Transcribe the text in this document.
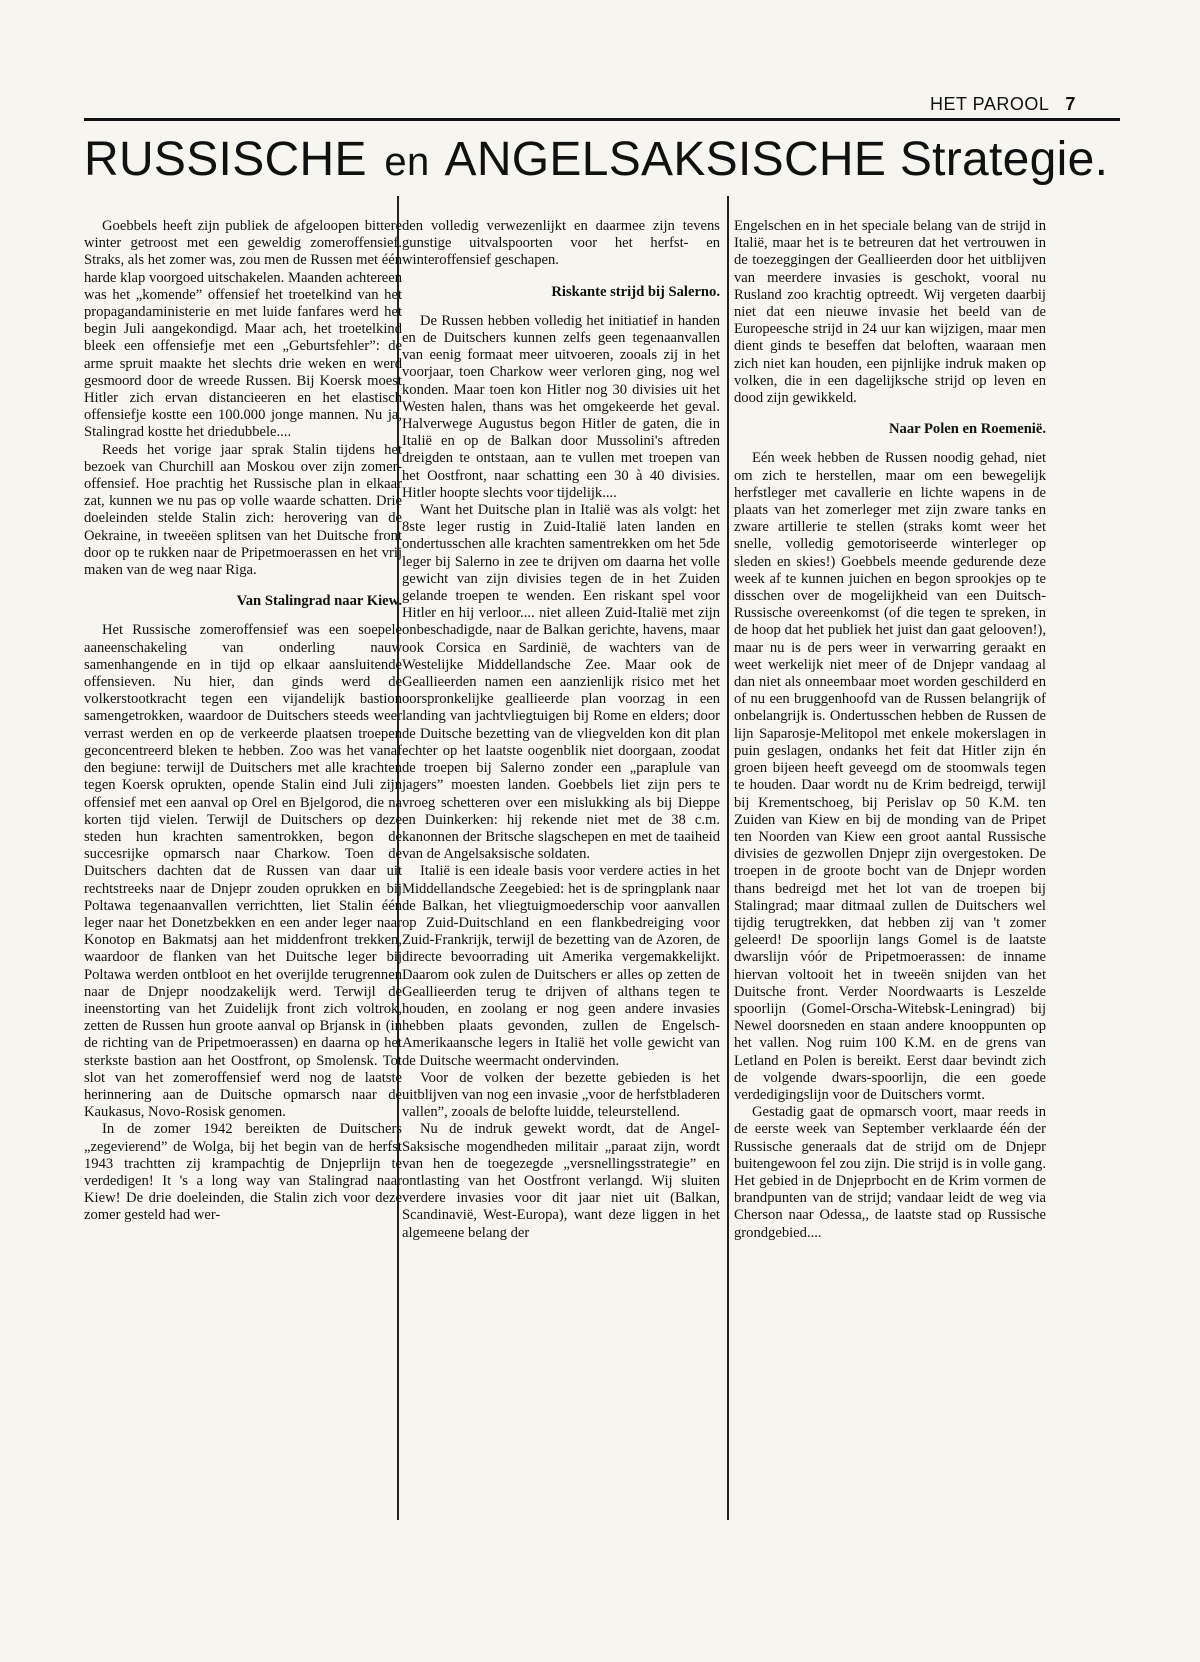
HET PAROOL 7
RUSSISCHE en ANGELSAKSISCHE Strategie.

Goebbels heeft zijn publiek de afgeloopen bittere winter getroost met een geweldig zomeroffensief. Straks, als het zomer was, zou men de Russen met één harde klap voorgoed uitschakelen. Maanden achtereen was het „komende” offensief het troetelkind van het propagandaministerie en met luide fanfares werd het begin Juli aangekondigd. Maar ach, het troetelkind bleek een offensiefje met een „Geburtsfehler”: de arme spruit maakte het slechts drie weken en werd gesmoord door de wreede Russen. Bij Koersk moest Hitler zich ervan distancieeren en het elastisch offensiefje kostte een 100.000 jonge mannen. Nu ja, Stalingrad kostte het driedubbele....

Reeds het vorige jaar sprak Stalin tijdens het bezoek van Churchill aan Moskou over zijn zomer-offensief. Hoe prachtig het Russische plan in elkaar zat, kunnen we nu pas op volle waarde schatten. Drie doeleinden stelde Stalin zich: heroveriŋg van de Oekraine, in tweeëen splitsen van het Duitsche front door op te rukken naar de Pripetmoerassen en het vrij maken van de weg naar Riga.

Van Stalingrad naar Kiew.

Het Russische zomeroffensief was een soepele aaneenschakeling van onderling nauw samenhangende en in tijd op elkaar aansluitende offensieven. Nu hier, dan ginds werd de volkerstootkracht tegen een vijandelijk bastion samengetrokken, waardoor de Duitschers steeds weer verrast werden en op de verkeerde plaatsen troepen geconcentreerd bleken te hebben. Zoo was het vanaf den begiune: terwijl de Duitschers met alle krachten tegen Koersk oprukten, opende Stalin eind Juli zijn offensief met een aanval op Orel en Bjelgorod, die na korten tijd vielen. Terwijl de Duitschers op deze steden hun krachten samentrokken, begon de succesrijke opmarsch naar Charkow. Toen de Duitschers dachten dat de Russen van daar uit rechtstreeks naar de Dnjepr zouden oprukken en bij Poltawa tegenaanvallen verrichtten, liet Stalin één leger naar het Donetzbekken en een ander leger naar Konotop en Bakmatsj aan het middenfront trekken, waardoor de flanken van het Duitsche leger bij Poltawa werden ontbloot en het overijlde terugrennen naar de Dnjepr noodzakelijk werd. Terwijl de ineenstorting van het Zuidelijk front zich voltrok, zetten de Russen hun groote aanval op Brjansk in (in de richting van de Pripetmoerassen) en daarna op het sterkste bastion aan het Oostfront, op Smolensk. Tot slot van het zomeroffensief werd nog de laatste herinnering aan de Duitsche opmarsch naar de Kaukasus, Novo-Rosisk genomen.

In de zomer 1942 bereikten de Duitschers „zegevierend” de Wolga, bij het begin van de herfst 1943 trachtten zij krampachtig de Dnjeprlijn te verdedigen! It 's a long way van Stalingrad naar Kiew! De drie doeleinden, die Stalin zich voor deze zomer gesteld had wer-

den volledig verwezenlijkt en daarmee zijn tevens gunstige uitvalspoorten voor het herfst- en winteroffensief geschapen.

Riskante strijd bij Salerno.

De Russen hebben volledig het initiatief in handen en de Duitschers kunnen zelfs geen tegenaanvallen van eenig formaat meer uitvoeren, zooals zij in het voorjaar, toen Charkow weer verloren ging, nog wel konden. Maar toen kon Hitler nog 30 divisies uit het Westen halen, thans was het omgekeerde het geval. Halverwege Augustus begon Hitler de gaten, die in Italië en op de Balkan door Mussolini's aftreden dreigden te ontstaan, aan te vullen met troepen van het Oostfront, naar schatting een 30 à 40 divisies. Hitler hoopte slechts voor tijdelijk....

Want het Duitsche plan in Italië was als volgt: het 8ste leger rustig in Zuid-Italië laten landen en ondertusschen alle krachten samentrekken om het 5de leger bij Salerno in zee te drijven om daarna het volle gewicht van zijn divisies tegen de in het Zuiden gelande troepen te wenden. Een riskant spel voor Hitler en hij verloor.... niet alleen Zuid-Italië met zijn onbeschadigde, naar de Balkan gerichte, havens, maar ook Corsica en Sardinië, de wachters van de Westelijke Middellandsche Zee. Maar ook de Geallieerden namen een aanzienlijk risico met het oorspronkelijke geallieerde plan voorzag in een landing van jachtvliegtuigen bij Rome en elders; door de Duitsche bezetting van de vliegvelden kon dit plan echter op het laatste oogenblik niet doorgaan, zoodat de troepen bij Salerno zonder een „paraplule van jagers” moesten landen. Goebbels liet zijn pers te vroeg schetteren over een mislukking als bij Dieppe en Duinkerken: hij rekende niet met de 38 c.m. kanonnen der Britsche slagschepen en met de taaiheid van de Angelsaksische soldaten.

Italië is een ideale basis voor verdere acties in het Middellandsche Zeegebied: het is de springplank naar de Balkan, het vliegtuigmoederschip voor aanvallen op Zuid-Duitschland en een flankbedreiging voor Zuid-Frankrijk, terwijl de bezetting van de Azoren, de directe bevoorrading uit Amerika vergemakkelijkt. Daarom ook zulen de Duitschers er alles op zetten de Geallieerden terug te drijven of althans tegen te houden, en zoolang er nog geen andere invasies hebben plaats gevonden, zullen de Engelsch-Amerikaansche legers in Italië het volle gewicht van de Duitsche weermacht ondervinden.

Voor de volken der bezette gebieden is het uitblijven van nog een invasie „voor de herfstbladeren vallen”, zooals de belofte luidde, teleurstellend.

Nu de indruk gewekt wordt, dat de Angel-Saksische mogendheden militair „paraat zijn, wordt van hen de toegezegde „versnellingsstrategie” en ontlasting van het Oostfront verlangd. Wij sluiten verdere invasies voor dit jaar niet uit (Balkan, Scandinavië, West-Europa), want deze liggen in het algemeene belang der

Engelschen en in het speciale belang van de strijd in Italië, maar het is te betreuren dat het vertrouwen in de toezeggingen der Geallieerden door het uitblijven van meerdere invasies is geschokt, vooral nu Rusland zoo krachtig optreedt. Wij vergeten daarbij niet dat een nieuwe invasie het beeld van de Europeesche strijd in 24 uur kan wijzigen, maar men dient ginds te beseffen dat beloften, waaraan men zich niet kan houden, een pijnlijke indruk maken op volken, die in een dagelijksche strijd op leven en dood zijn gewikkeld.

Naar Polen en Roemenië.

Eén week hebben de Russen noodig gehad, niet om zich te herstellen, maar om een bewegelijk herfstleger met cavallerie en lichte wapens in de plaats van het zomerleger met zijn zware tanks en zware artillerie te stellen (straks komt weer het snelle, volledig gemotoriseerde winterleger op sleden en skies!) Goebbels meende gedurende deze week af te kunnen juichen en begon sprookjes op te disschen over de mogelijkheid van een Duitsch-Russische overeenkomst (of die tegen te spreken, in de hoop dat het publiek het juist dan gaat gelooven!), maar nu is de pers weer in verwarring geraakt en weet werkelijk niet meer of de Dnjepr vandaag al dan niet als onneembaar moet worden geschilderd en of nu een bruggenhoofd van de Russen belangrijk of onbelangrijk is. Ondertusschen hebben de Russen de lijn Saparosje-Melitopol met enkele mokerslagen in puin geslagen, ondanks het feit dat Hitler zijn én groen bijeen heeft geveegd om de stoomwals tegen te houden. Daar wordt nu de Krim bedreigd, terwijl bij Krementschoeg, bij Perislav op 50 K.M. ten Zuiden van Kiew en bij de monding van de Pripet ten Noorden van Kiew een groot aantal Russische divisies de gezwollen Dnjepr zijn overgestoken. De troepen in de groote bocht van de Dnjepr worden thans bedreigd met het lot van de troepen bij Stalingrad; maar ditmaal zullen de Duitschers wel tijdig terugtrekken, dat hebben zij van 't zomer geleerd! De spoorlijn langs Gomel is de laatste dwarslijn vóór de Pripetmoerassen: de inname hiervan voltooit het in tweeën snijden van het Duitsche front. Verder Noordwaarts is Leszelde spoorlijn (Gomel-Orscha-Witebsk-Leningrad) bij Newel doorsneden en staan andere knooppunten op het vallen. Nog ruim 100 K.M. en de grens van Letland en Polen is bereikt. Eerst daar bevindt zich de volgende dwars-spoorlijn, die een goede verdedigingslijn voor de Duitschers vormt.

Gestadig gaat de opmarsch voort, maar reeds in de eerste week van September verklaarde één der Russische generaals dat de strijd om de Dnjepr buitengewoon fel zou zijn. Die strijd is in volle gang. Het gebied in de Dnjeprbocht en de Krim vormen de brandpunten van de strijd; vandaar leidt de weg via Cherson naar Odessa,, de laatste stad op Russische grondgebied....
